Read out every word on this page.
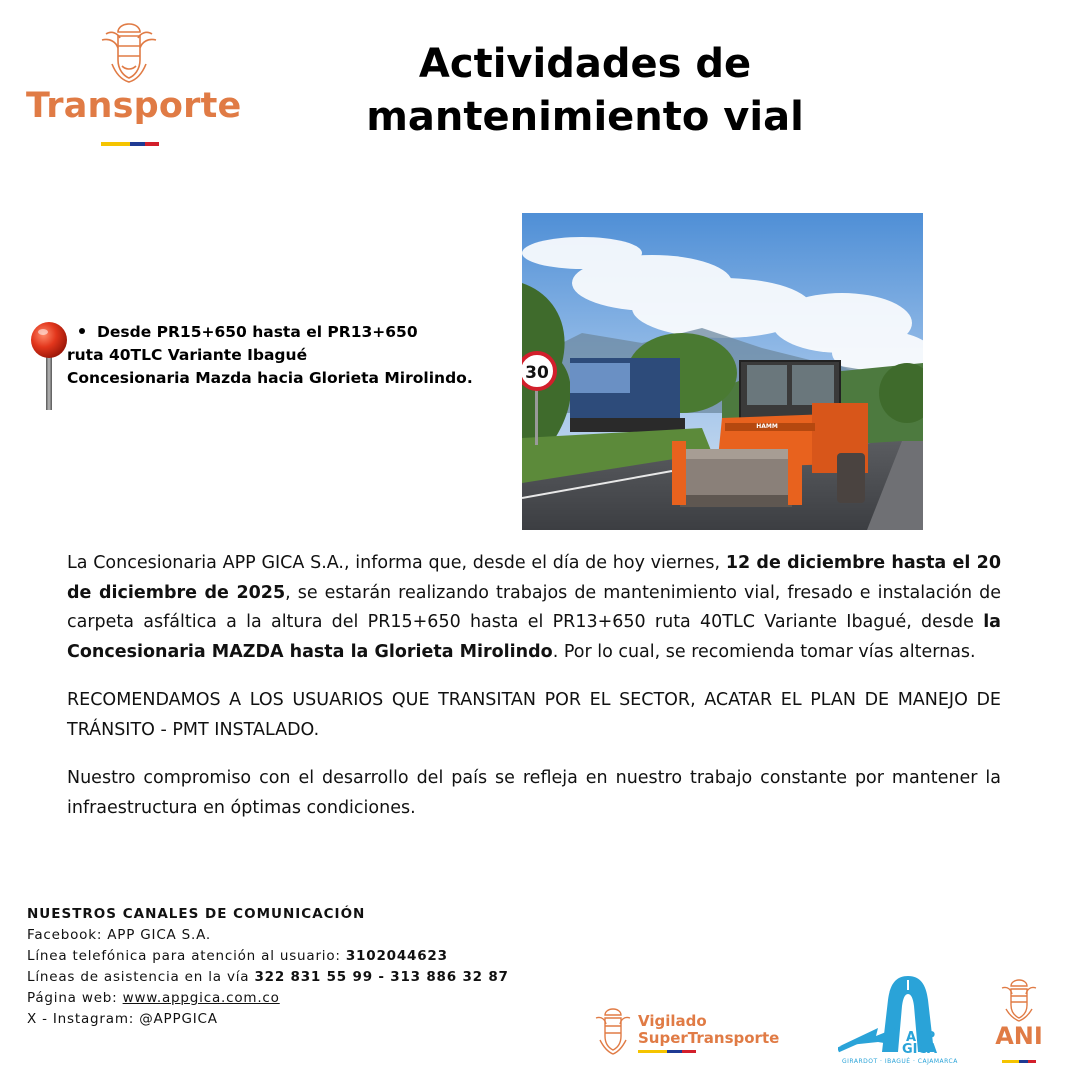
Transporte
Actividades de
mantenimiento vial
Desde PR15+650 hasta el PR13+650
ruta 40TLC Variante Ibagué
Concesionaria Mazda hacia Glorieta Mirolindo.	30
HAMM

La Concesionaria APP GICA S.A., informa que, desde el día de hoy viernes, 12 de diciembre hasta el 20 de diciembre de 2025, se estarán realizando trabajos de mantenimiento vial, fresado e instalación de carpeta asfáltica a la altura del PR15+650 hasta el PR13+650 ruta 40TLC Variante Ibagué, desde la Concesionaria MAZDA hasta la Glorieta Mirolindo. Por lo cual, se recomienda tomar vías alternas.

RECOMENDAMOS A LOS USUARIOS QUE TRANSITAN POR EL SECTOR, ACATAR EL PLAN DE MANEJO DE TRÁNSITO - PMT INSTALADO.

Nuestro compromiso con el desarrollo del país se refleja en nuestro trabajo constante por mantener la infraestructura en óptimas condiciones.

NUESTROS CANALES DE COMUNICACIÓN
Facebook: APP GICA S.A.
Línea telefónica para atención al usuario: 3102044623
Líneas de asistencia en la vía 322 831 55 99 - 313 886 32 87
Página web: www.appgica.com.co
X - Instagram: @APPGICA	Vigilado
SuperTransporte	APP
GICA
GIRARDOT · IBAGUÉ · CAJAMARCA
ANI
